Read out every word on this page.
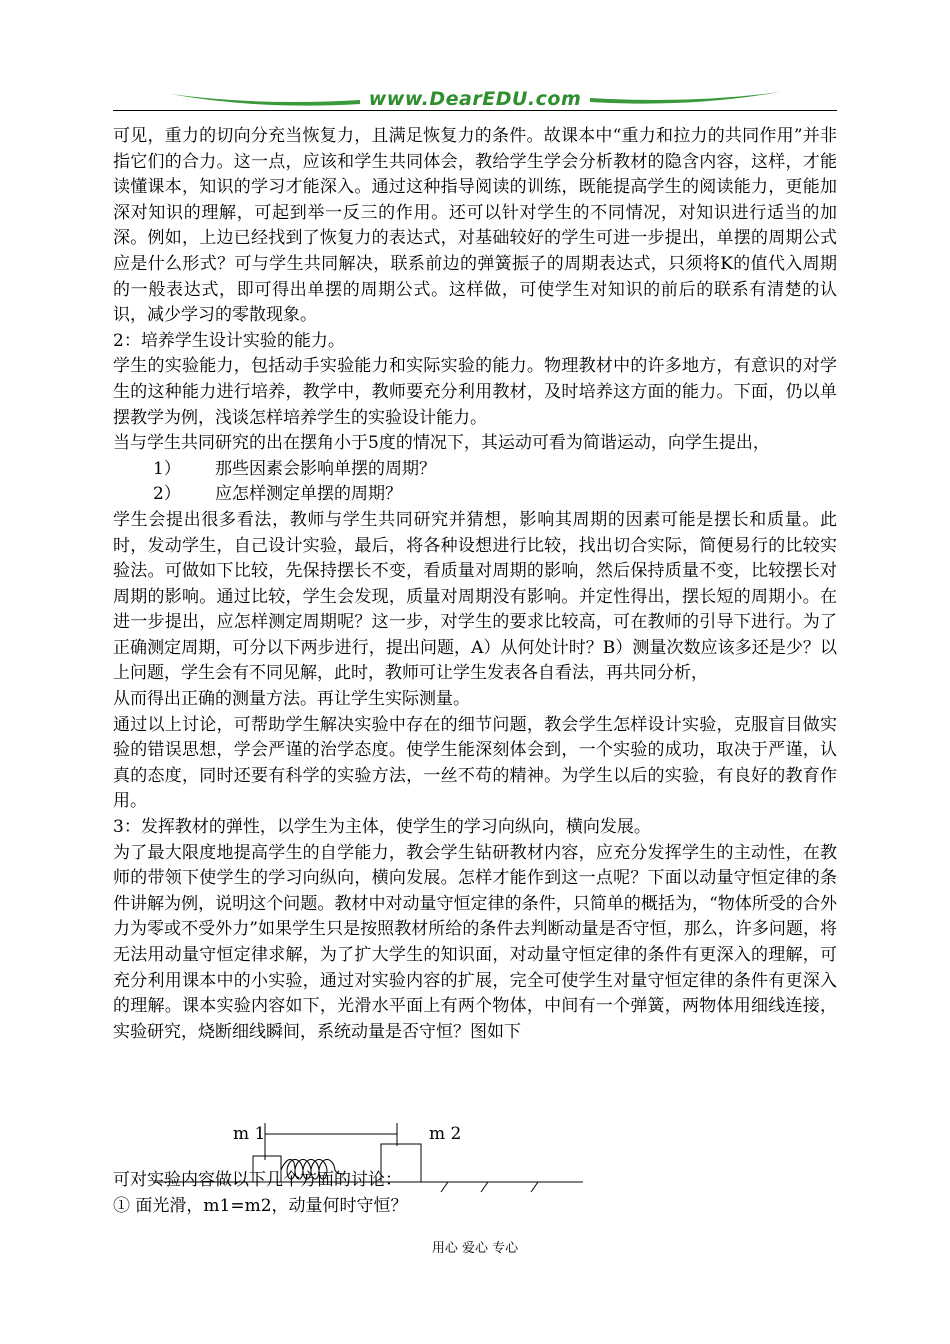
www.DearEDU.com

可见，重力的切向分充当恢复力，且满足恢复力的条件。故课本中“重力和拉力的共同作用”并非指它们的合力。这一点，应该和学生共同体会，教给学生学会分析教材的隐含内容，这样，才能读懂课本，知识的学习才能深入。通过这种指导阅读的训练，既能提高学生的阅读能力，更能加深对知识的理解，可起到举一反三的作用。还可以针对学生的不同情况，对知识进行适当的加深。例如，上边已经找到了恢复力的表达式，对基础较好的学生可进一步提出，单摆的周期公式应是什么形式？可与学生共同解决，联系前边的弹簧振子的周期表达式，只须将K的值代入周期的一般表达式，即可得出单摆的周期公式。这样做，可使学生对知识的前后的联系有清楚的认识，减少学习的零散现象。

2：培养学生设计实验的能力。

学生的实验能力，包括动手实验能力和实际实验的能力。物理教材中的许多地方，有意识的对学生的这种能力进行培养，教学中，教师要充分利用教材，及时培养这方面的能力。下面，仍以单摆教学为例，浅谈怎样培养学生的实验设计能力。

当与学生共同研究的出在摆角小于5度的情况下，其运动可看为简谐运动，向学生提出，

1） 那些因素会影响单摆的周期？

2） 应怎样测定单摆的周期？

学生会提出很多看法，教师与学生共同研究并猜想，影响其周期的因素可能是摆长和质量。此时，发动学生，自己设计实验，最后，将各种设想进行比较，找出切合实际，简便易行的比较实验法。可做如下比较，先保持摆长不变，看质量对周期的影响，然后保持质量不变，比较摆长对周期的影响。通过比较，学生会发现，质量对周期没有影响。并定性得出，摆长短的周期小。在进一步提出，应怎样测定周期呢？这一步，对学生的要求比较高，可在教师的引导下进行。为了正确测定周期，可分以下两步进行，提出问题，A）从何处计时？B）测量次数应该多还是少？以上问题，学生会有不同见解，此时，教师可让学生发表各自看法，再共同分析，

从而得出正确的测量方法。再让学生实际测量。

通过以上讨论，可帮助学生解决实验中存在的细节问题，教会学生怎样设计实验，克服盲目做实验的错误思想，学会严谨的治学态度。使学生能深刻体会到，一个实验的成功，取决于严谨，认真的态度，同时还要有科学的实验方法，一丝不苟的精神。为学生以后的实验，有良好的教育作用。

3：发挥教材的弹性，以学生为主体，使学生的学习向纵向，横向发展。

为了最大限度地提高学生的自学能力，教会学生钻研教材内容，应充分发挥学生的主动性，在教师的带领下使学生的学习向纵向，横向发展。怎样才能作到这一点呢？下面以动量守恒定律的条件讲解为例，说明这个问题。教材中对动量守恒定律的条件，只简单的概括为，“物体所受的合外力为零或不受外力”如果学生只是按照教材所给的条件去判断动量是否守恒，那么，许多问题，将无法用动量守恒定律求解，为了扩大学生的知识面，对动量守恒定律的条件有更深入的理解，可充分利用课本中的小实验，通过对实验内容的扩展，完全可使学生对量守恒定律的条件有更深入的理解。课本实验内容如下，光滑水平面上有两个物体，中间有一个弹簧，两物体用细线连接，实验研究，烧断细线瞬间，系统动量是否守恒？图如下

m 1	m 2

可对实验内容做以下几个方面的讨论：

① 面光滑，m1=m2，动量何时守恒？

用心 爱心 专心
